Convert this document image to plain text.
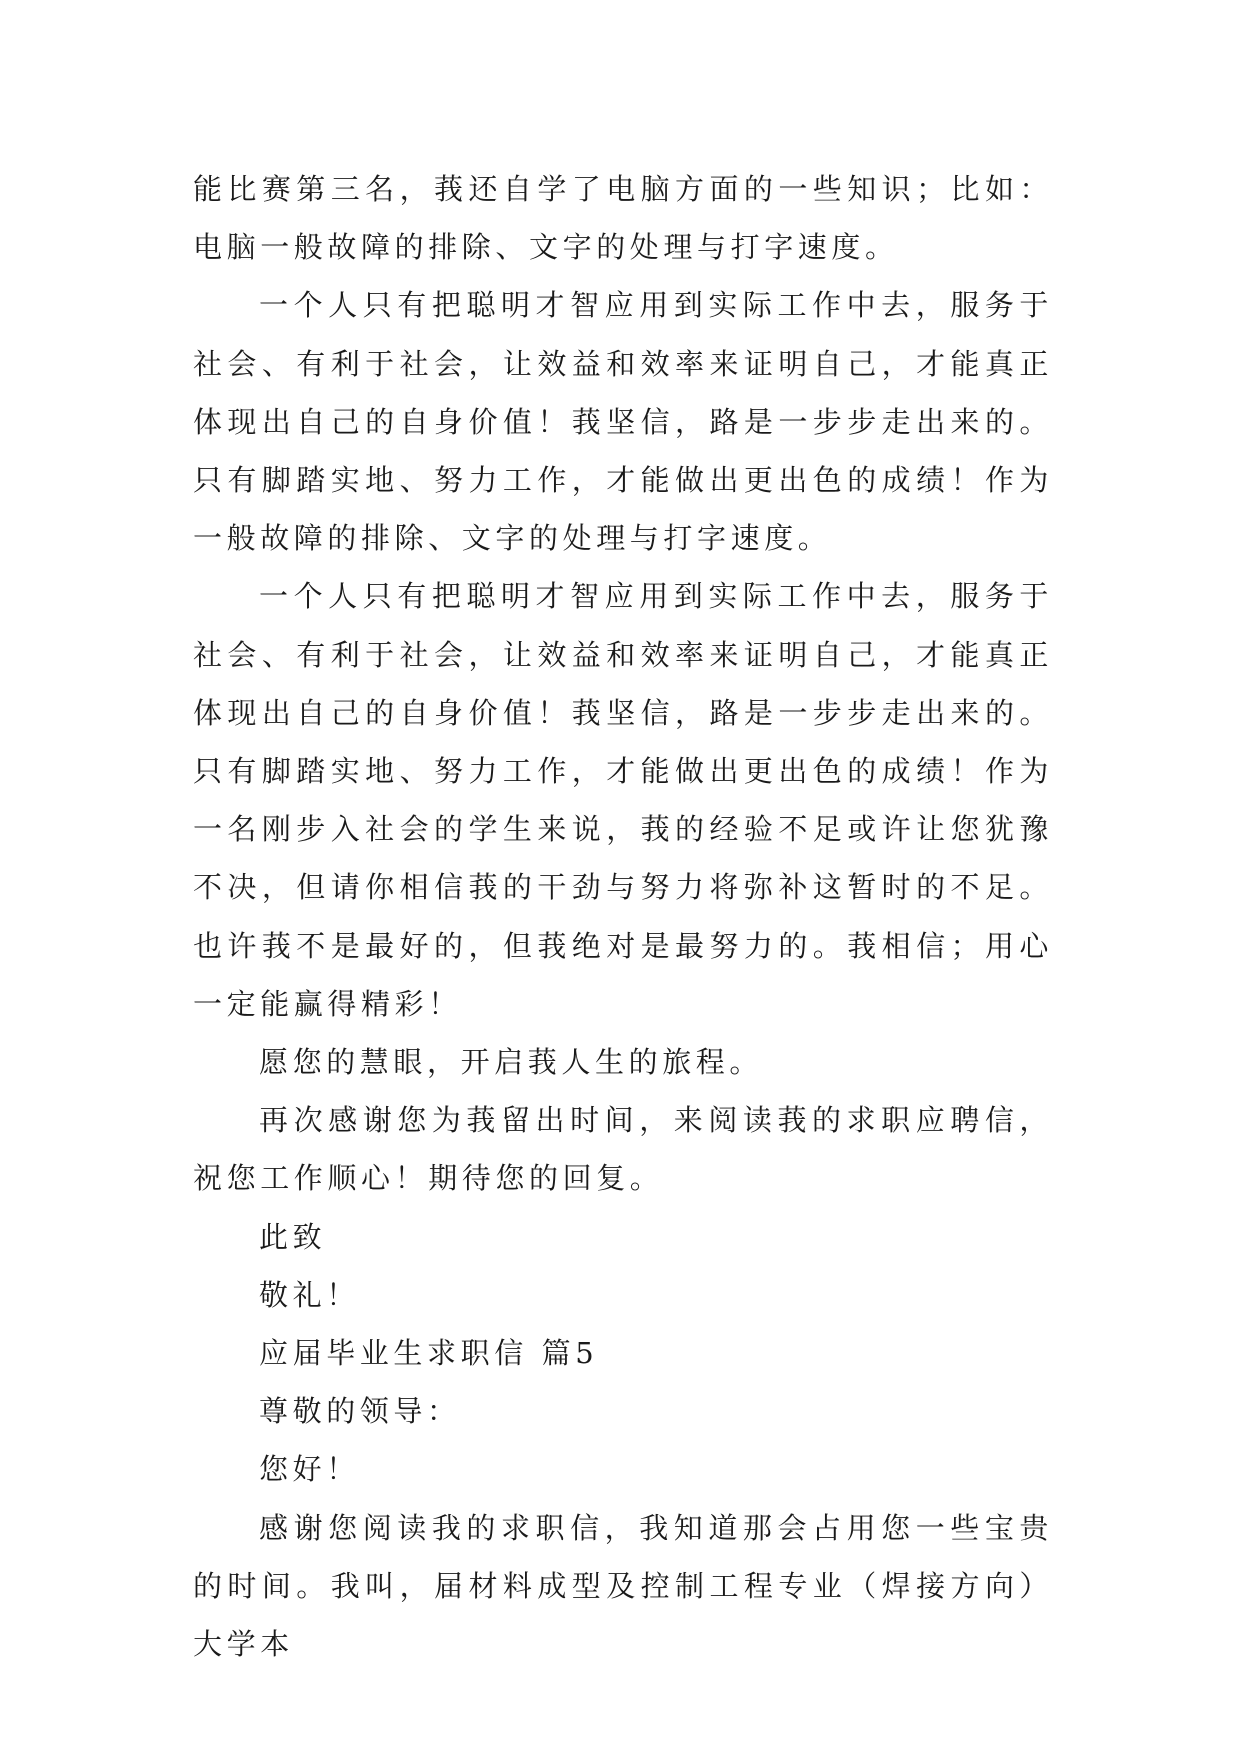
能比赛第三名，莪还自学了电脑方面的一些知识；比如：电脑一般故障的排除、文字的处理与打字速度。

一个人只有把聪明才智应用到实际工作中去，服务于社会、有利于社会，让效益和效率来证明自己，才能真正体现出自己的自身价值！莪坚信，路是一步步走出来的。只有脚踏实地、努力工作，才能做出更出色的成绩！作为一般故障的排除、文字的处理与打字速度。

一个人只有把聪明才智应用到实际工作中去，服务于社会、有利于社会，让效益和效率来证明自己，才能真正体现出自己的自身价值！莪坚信，路是一步步走出来的。只有脚踏实地、努力工作，才能做出更出色的成绩！作为一名刚步入社会的学生来说，莪的经验不足或许让您犹豫不决，但请你相信莪的干劲与努力将弥补这暂时的不足。也许莪不是最好的，但莪绝对是最努力的。莪相信；用心一定能赢得精彩！

愿您的慧眼，开启莪人生的旅程。

再次感谢您为莪留出时间，来阅读莪的求职应聘信，祝您工作顺心！期待您的回复。

此致

敬礼！

应届毕业生求职信 篇5

尊敬的领导：

您好！

感谢您阅读我的求职信，我知道那会占用您一些宝贵的时间。我叫，届材料成型及控制工程专业（焊接方向）大学本
